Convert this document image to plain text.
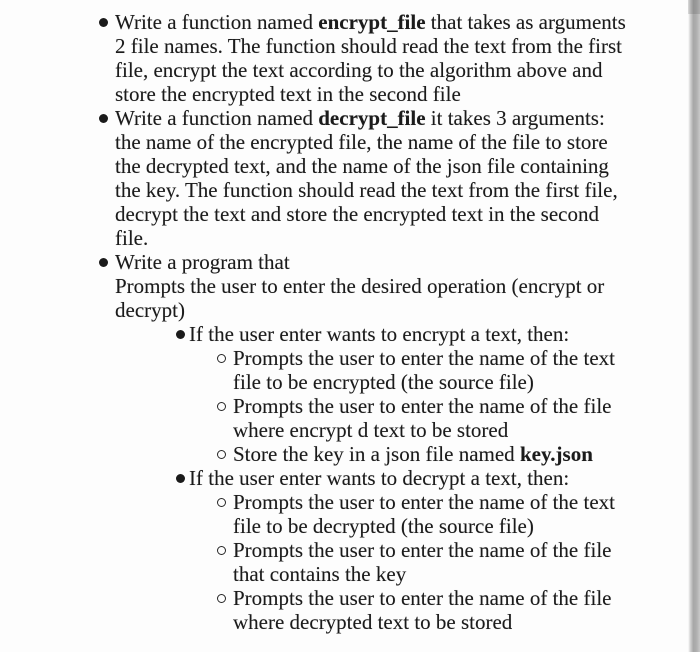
Write a function named encrypt_file that takes as arguments
2 file names. The function should read the text from the first
file, encrypt the text according to the algorithm above and
store the encrypted text in the second file
Write a function named decrypt_file it takes 3 arguments:
the name of the encrypted file, the name of the file to store
the decrypted text, and the name of the json file containing
the key. The function should read the text from the first file,
decrypt the text and store the encrypted text in the second
file.
Write a program that
Prompts the user to enter the desired operation (encrypt or
decrypt)
If the user enter wants to encrypt a text, then:
Prompts the user to enter the name of the text
file to be encrypted (the source file)
Prompts the user to enter the name of the file
where encrypt d text to be stored
Store the key in a json file named key.json
If the user enter wants to decrypt a text, then:
Prompts the user to enter the name of the text
file to be decrypted (the source file)
Prompts the user to enter the name of the file
that contains the key
Prompts the user to enter the name of the file
where decrypted text to be stored
